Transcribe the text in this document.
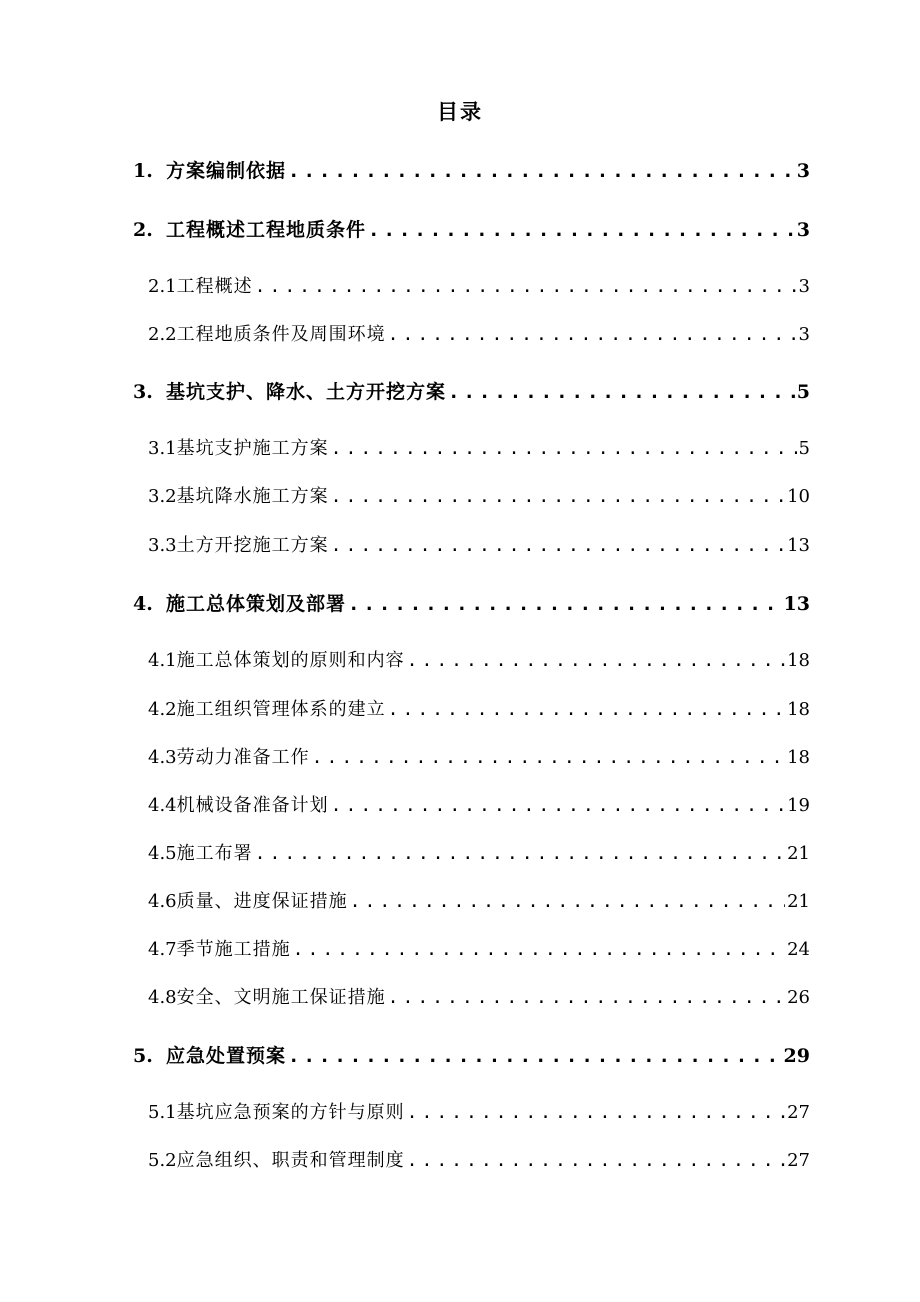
目录
1. 方案编制依据 .....	3
2. 工程概述工程地质条件 .....	3
2.1 工程概述 .....	3
2.2 工程地质条件及周围环境 .....	3
3. 基坑支护、降水、土方开挖方案 .....	5
3.1 基坑支护施工方案 .....	5
3.2 基坑降水施工方案 .....	10
3.3 土方开挖施工方案 .....	13
4. 施工总体策划及部署 .....	13
4.1 施工总体策划的原则和内容 .....	18
4.2 施工组织管理体系的建立 .....	18
4.3 劳动力准备工作 .....	18
4.4 机械设备准备计划 .....	19
4.5 施工布署 .....	21
4.6 质量、进度保证措施 .....	21
4.7 季节施工措施 .....	24
4.8 安全、文明施工保证措施 .....	26
5. 应急处置预案 .....	29
5.1 基坑应急预案的方针与原则 .....	27
5.2 应急组织、职责和管理制度 .....	27
